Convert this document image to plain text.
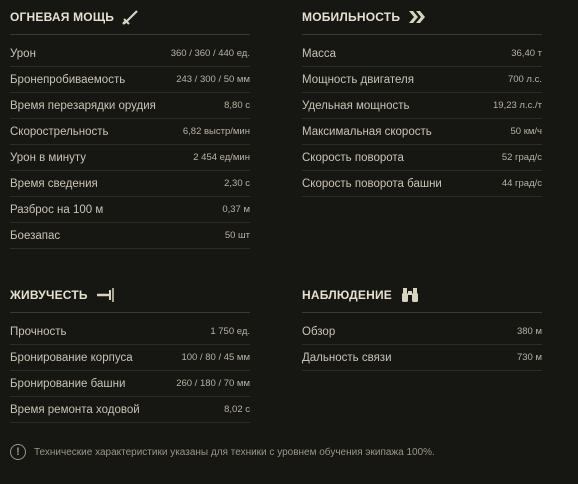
ОГНЕВАЯ МОЩЬ
Урон	360 / 360 / 440 ед.
Бронепробиваемость	243 / 300 / 50 мм
Время перезарядки орудия	8,80 с
Скорострельность	6,82 выстр/мин
Урон в минуту	2 454 ед/мин
Время сведения	2,30 с
Разброс на 100 м	0,37 м
Боезапас	50 шт
МОБИЛЬНОСТЬ
Масса	36,40 т
Мощность двигателя	700 л.с.
Удельная мощность	19,23 л.с./т
Максимальная скорость	50 км/ч
Скорость поворота	52 град/с
Скорость поворота башни	44 град/с
ЖИВУЧЕСТЬ
Прочность	1 750 ед.
Бронирование корпуса	100 / 80 / 45 мм
Бронирование башни	260 / 180 / 70 мм
Время ремонта ходовой	8,02 с
НАБЛЮДЕНИЕ
Обзор	380 м
Дальность связи	730 м
!	Технические характеристики указаны для техники с уровнем обучения экипажа 100%.
